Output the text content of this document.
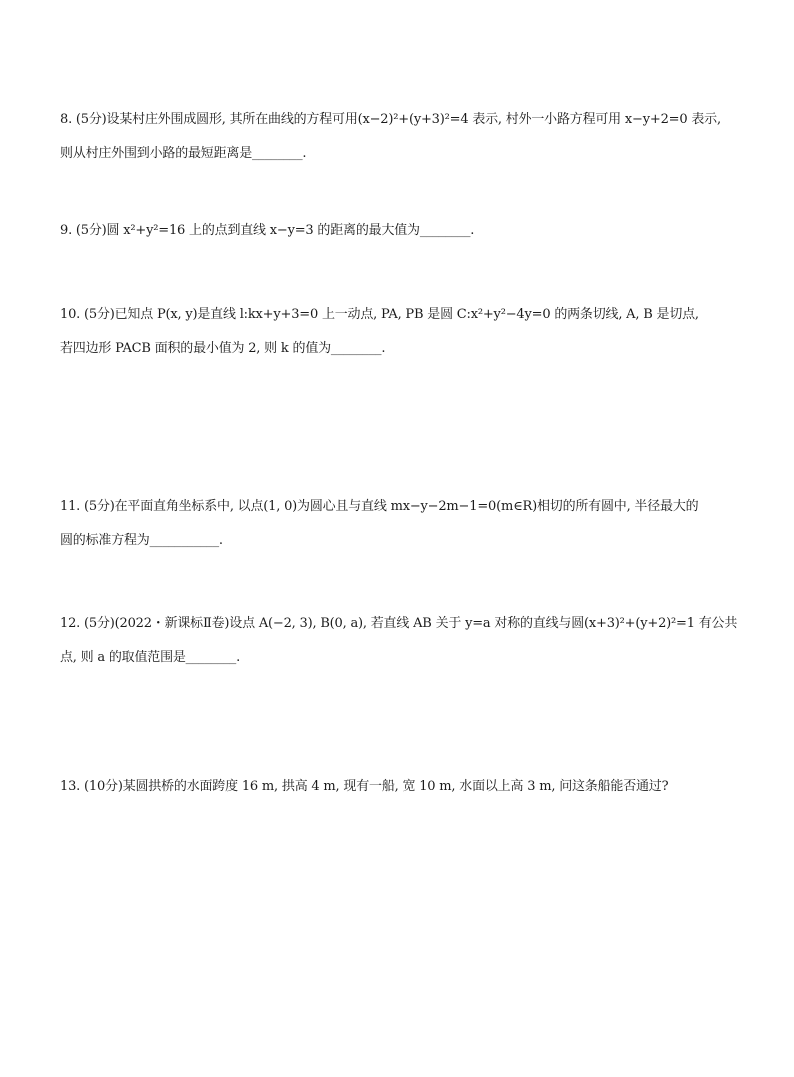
8. (5分)设某村庄外围成圆形, 其所在曲线的方程可用(x−2)²+(y+3)²=4 表示, 村外一小路方程可用 x−y+2=0 表示,
则从村庄外围到小路的最短距离是________.
9. (5分)圆 x²+y²=16 上的点到直线 x−y=3 的距离的最大值为________.
10. (5分)已知点 P(x, y)是直线 l:kx+y+3=0 上一动点, PA, PB 是圆 C:x²+y²−4y=0 的两条切线, A, B 是切点,
若四边形 PACB 面积的最小值为 2, 则 k 的值为________.
11. (5分)在平面直角坐标系中, 以点(1, 0)为圆心且与直线 mx−y−2m−1=0(m∈R)相切的所有圆中, 半径最大的
圆的标准方程为___________.
12. (5分)(2022・新课标Ⅱ卷)设点 A(−2, 3), B(0, a), 若直线 AB 关于 y=a 对称的直线与圆(x+3)²+(y+2)²=1 有公共
点, 则 a 的取值范围是________.
13. (10分)某圆拱桥的水面跨度 16 m, 拱高 4 m, 现有一船, 宽 10 m, 水面以上高 3 m, 问这条船能否通过?
